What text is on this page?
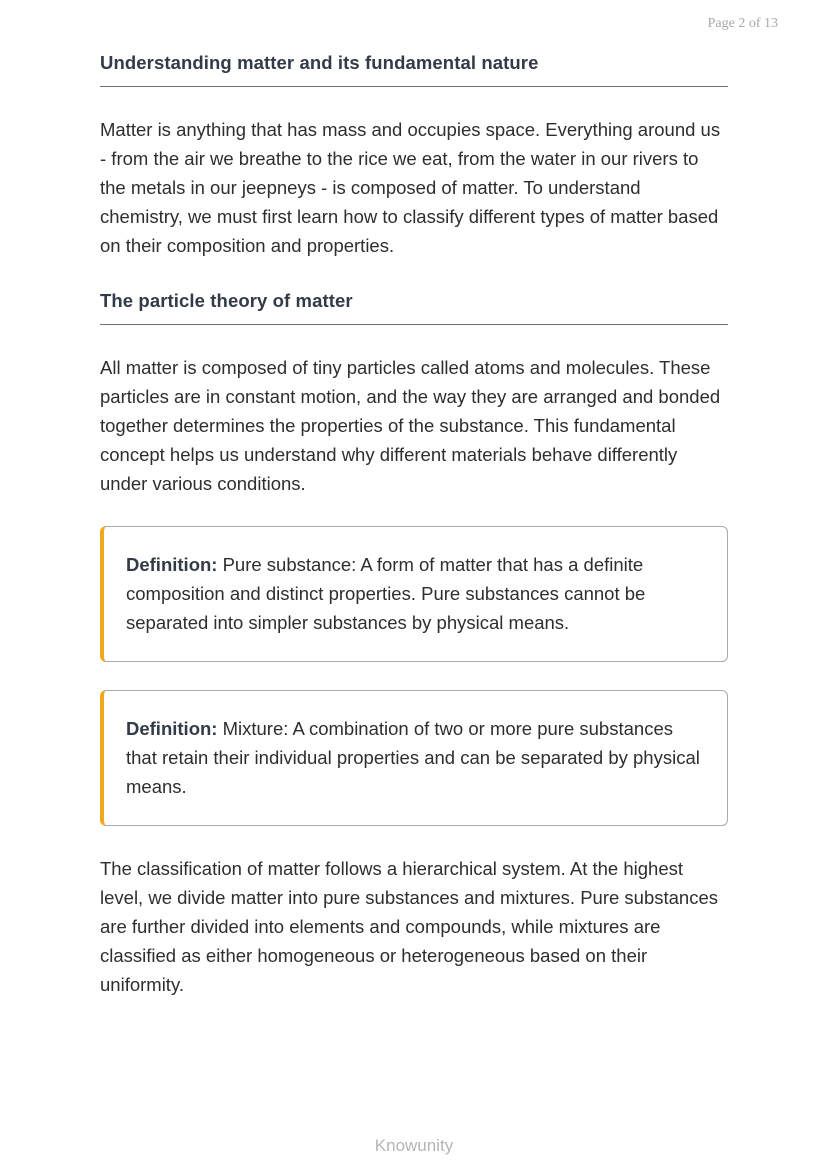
Page 2 of 13
Understanding matter and its fundamental nature

Matter is anything that has mass and occupies space. Everything around us - from the air we breathe to the rice we eat, from the water in our rivers to the metals in our jeepneys - is composed of matter. To understand chemistry, we must first learn how to classify different types of matter based on their composition and properties.

The particle theory of matter

All matter is composed of tiny particles called atoms and molecules. These particles are in constant motion, and the way they are arranged and bonded together determines the properties of the substance. This fundamental concept helps us understand why different materials behave differently under various conditions.

Definition: Pure substance: A form of matter that has a definite composition and distinct properties. Pure substances cannot be separated into simpler substances by physical means.
Definition: Mixture: A combination of two or more pure substances that retain their individual properties and can be separated by physical means.

The classification of matter follows a hierarchical system. At the highest level, we divide matter into pure substances and mixtures. Pure substances are further divided into elements and compounds, while mixtures are classified as either homogeneous or heterogeneous based on their uniformity.

Knowunity
